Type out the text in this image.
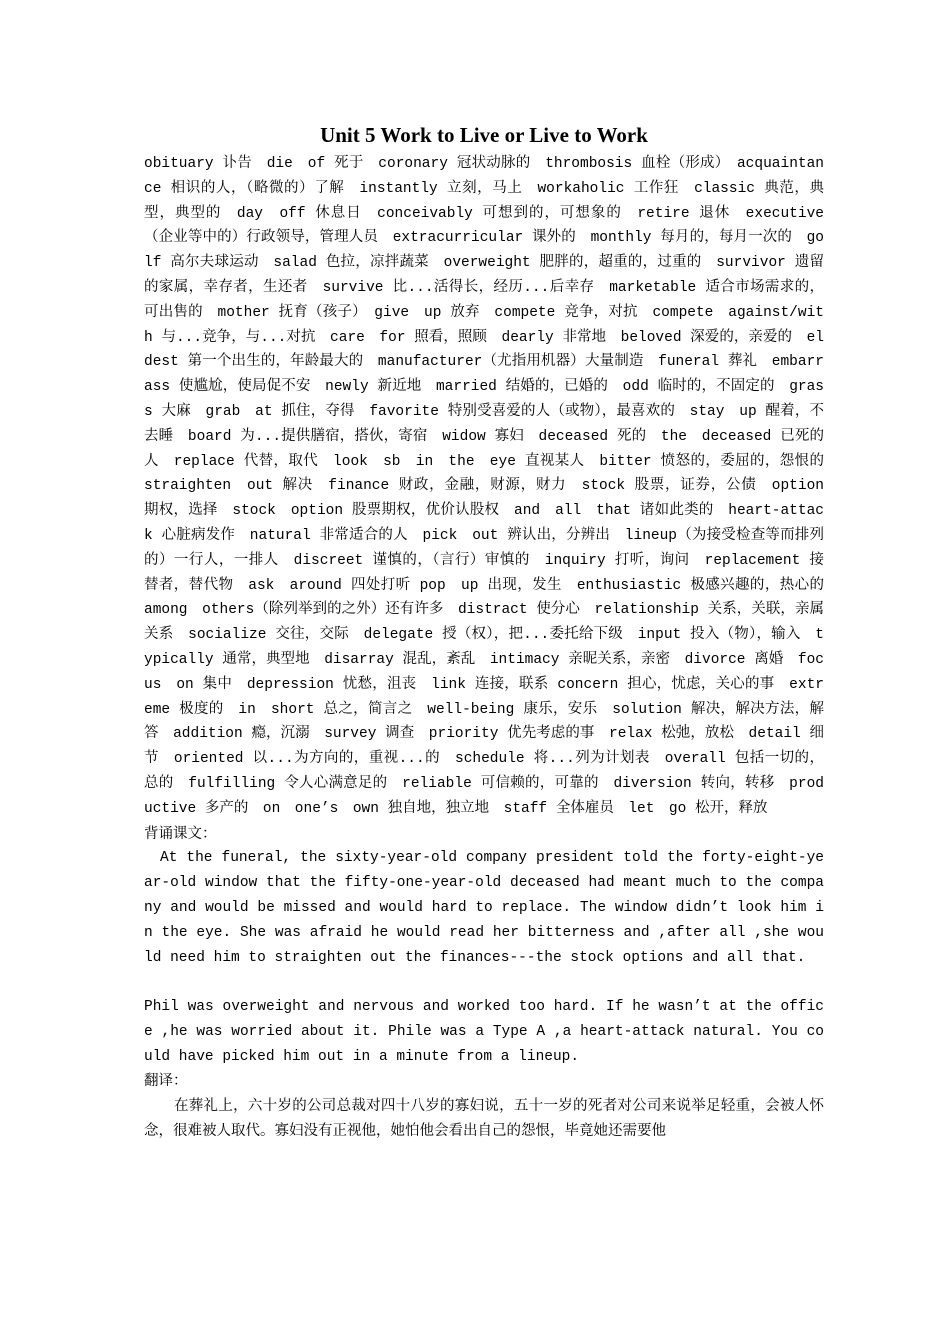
Unit 5 Work to Live or Live to Work

obituary 讣告　die　of 死于　coronary 冠状动脉的　thrombosis 血栓（形成）　acquaintance 相识的人，（略微的）了解　instantly 立刻，马上　workaholic 工作狂　classic 典范，典型，典型的　day　off 休息日　conceivably 可想到的，可想象的　retire 退休　executive（企业等中的）行政领导，管理人员　extracurricular 课外的　monthly 每月的，每月一次的　golf 高尔夫球运动　salad 色拉，凉拌蔬菜　overweight 肥胖的，超重的，过重的　survivor 遗留的家属，幸存者，生还者　survive 比...活得长，经历...后幸存　marketable 适合市场需求的，可出售的　mother 抚育（孩子）　give　up 放弃　compete 竞争，对抗　compete　against/with 与...竞争，与...对抗　care　for 照看，照顾　dearly 非常地　beloved 深爱的，亲爱的　eldest 第一个出生的，年龄最大的　manufacturer（尤指用机器）大量制造　funeral 葬礼　embarrass 使尴尬，使局促不安　newly 新近地　married 结婚的，已婚的　odd 临时的，不固定的　grass 大麻　grab　at 抓住，夺得　favorite 特别受喜爱的人（或物），最喜欢的　stay　up 醒着，不去睡　board 为...提供膳宿，搭伙，寄宿　widow 寡妇　deceased 死的　the　deceased 已死的人　replace 代替，取代　look　sb　in　the　eye 直视某人　bitter 愤怒的，委屈的，怨恨的　straighten　out 解决　finance 财政，金融，财源，财力　stock 股票，证券，公债　option 期权，选择　stock　option 股票期权，优价认股权　and　all　that 诸如此类的　heart-attack 心脏病发作　natural 非常适合的人　pick　out 辨认出，分辨出　lineup（为接受检查等而排列的）一行人，一排人　discreet 谨慎的，（言行）审慎的　inquiry 打听，询问　replacement 接替者，替代物　ask　around 四处打听 pop　up 出现，发生　enthusiastic 极感兴趣的，热心的　among　others（除列举到的之外）还有许多　distract 使分心　relationship 关系，关联，亲属关系　socialize 交往，交际　delegate 授（权），把...委托给下级　input 投入（物），输入　typically 通常，典型地　disarray 混乱，紊乱　intimacy 亲昵关系，亲密　divorce 离婚　focus　on 集中　depression 忧愁，沮丧　link 连接，联系 concern 担心，忧虑，关心的事　extreme 极度的　in　short 总之，简言之　well-being 康乐，安乐　solution 解决，解决方法，解答　addition 瘾，沉溺　survey 调查　priority 优先考虑的事　relax 松弛，放松　detail 细节　oriented 以...为方向的，重视...的　schedule 将...列为计划表　overall 包括一切的，总的　fulfilling 令人心满意足的　reliable 可信赖的，可靠的　diversion 转向，转移　productive 多产的　on　one’s　own 独自地，独立地　staff 全体雇员　let　go 松开，释放

背诵课文：

At the funeral, the sixty-year-old company president told the forty-eight-year-old window that the fifty-one-year-old deceased had meant much to the company and would be missed and would hard to replace. The window didn’t look him in the eye. She was afraid he would read her bitterness and ,after all ,she would need him to straighten out the finances---the stock options and all that.

Phil was overweight and nervous and worked too hard. If he wasn’t at the office ,he was worried about it. Phile was a Type A ,a heart-attack natural. You could have picked him out in a minute from a lineup.

翻译：

在葬礼上，六十岁的公司总裁对四十八岁的寡妇说，五十一岁的死者对公司来说举足轻重，会被人怀念，很难被人取代。寡妇没有正视他，她怕他会看出自己的怨恨，毕竟她还需要他
